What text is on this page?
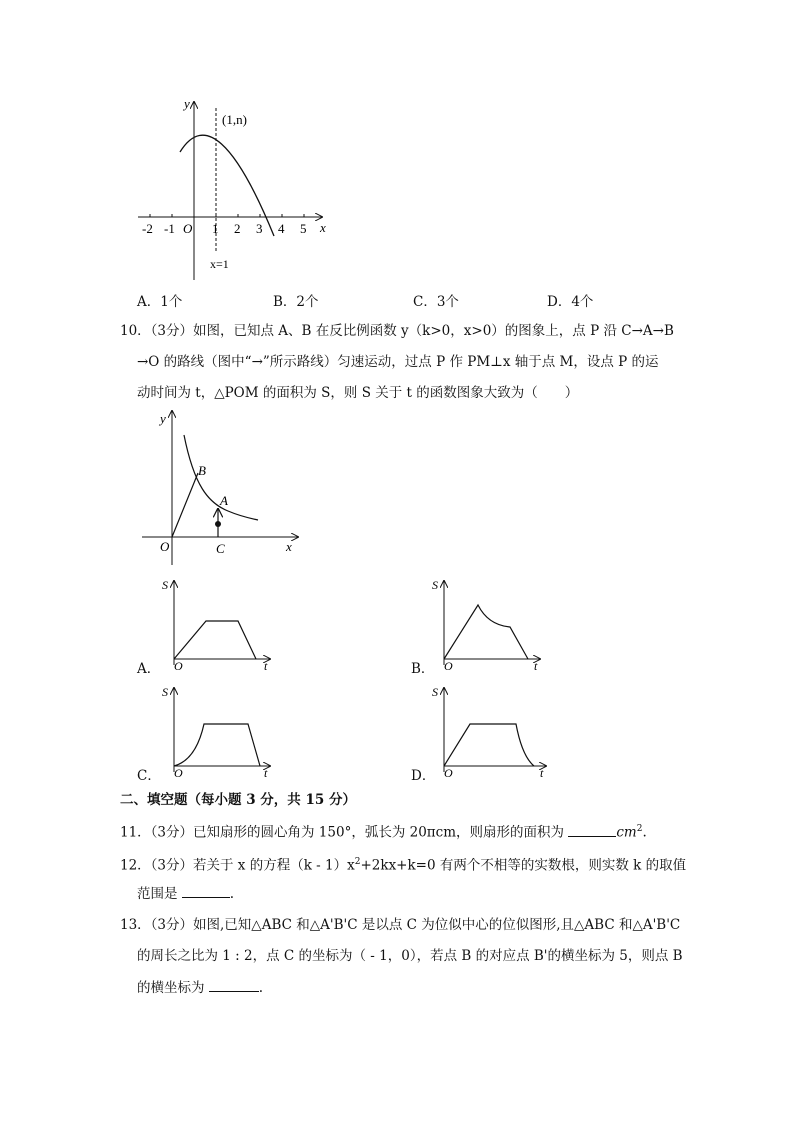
y
x
(1,n)
x=1
O
-2 -1	1 2 3 4 5
A．1个	B．2个	C．3个	D．4个
10．（3分）如图，已知点 A、B 在反比例函数 y（k>0，x>0）的图象上，点 P 沿 C→A→B
→O 的路线（图中“→”所示路线）匀速运动，过点 P 作 PM⊥x 轴于点 M，设点 P 的运
动时间为 t，△POM 的面积为 S，则 S 关于 t 的函数图象大致为（　　）
y
x
O
B
A
C
S
t
O
A．
S
t
O
B．
S
t
O
C．
S
t
O
D．
二、填空题（每小题 3 分，共 15 分）
11．（3分）已知扇形的圆心角为 150°，弧长为 20πcm，则扇形的面积为	$cm^2$.
12．（3分）若关于 x 的方程$(k - 1)x^2+2kx+k=0$ 有两个不相等的实数根，则实数 k 的取值
范围是	.
13．（3分）如图,已知△ABC 和△A'B'C 是以点 C 为位似中心的位似图形,且△ABC 和△A'B'C
的周长之比为 1 : 2，点 C 的坐标为（ - 1，0），若点 B 的对应点 B'的横坐标为 5，则点 B
的横坐标为	.
